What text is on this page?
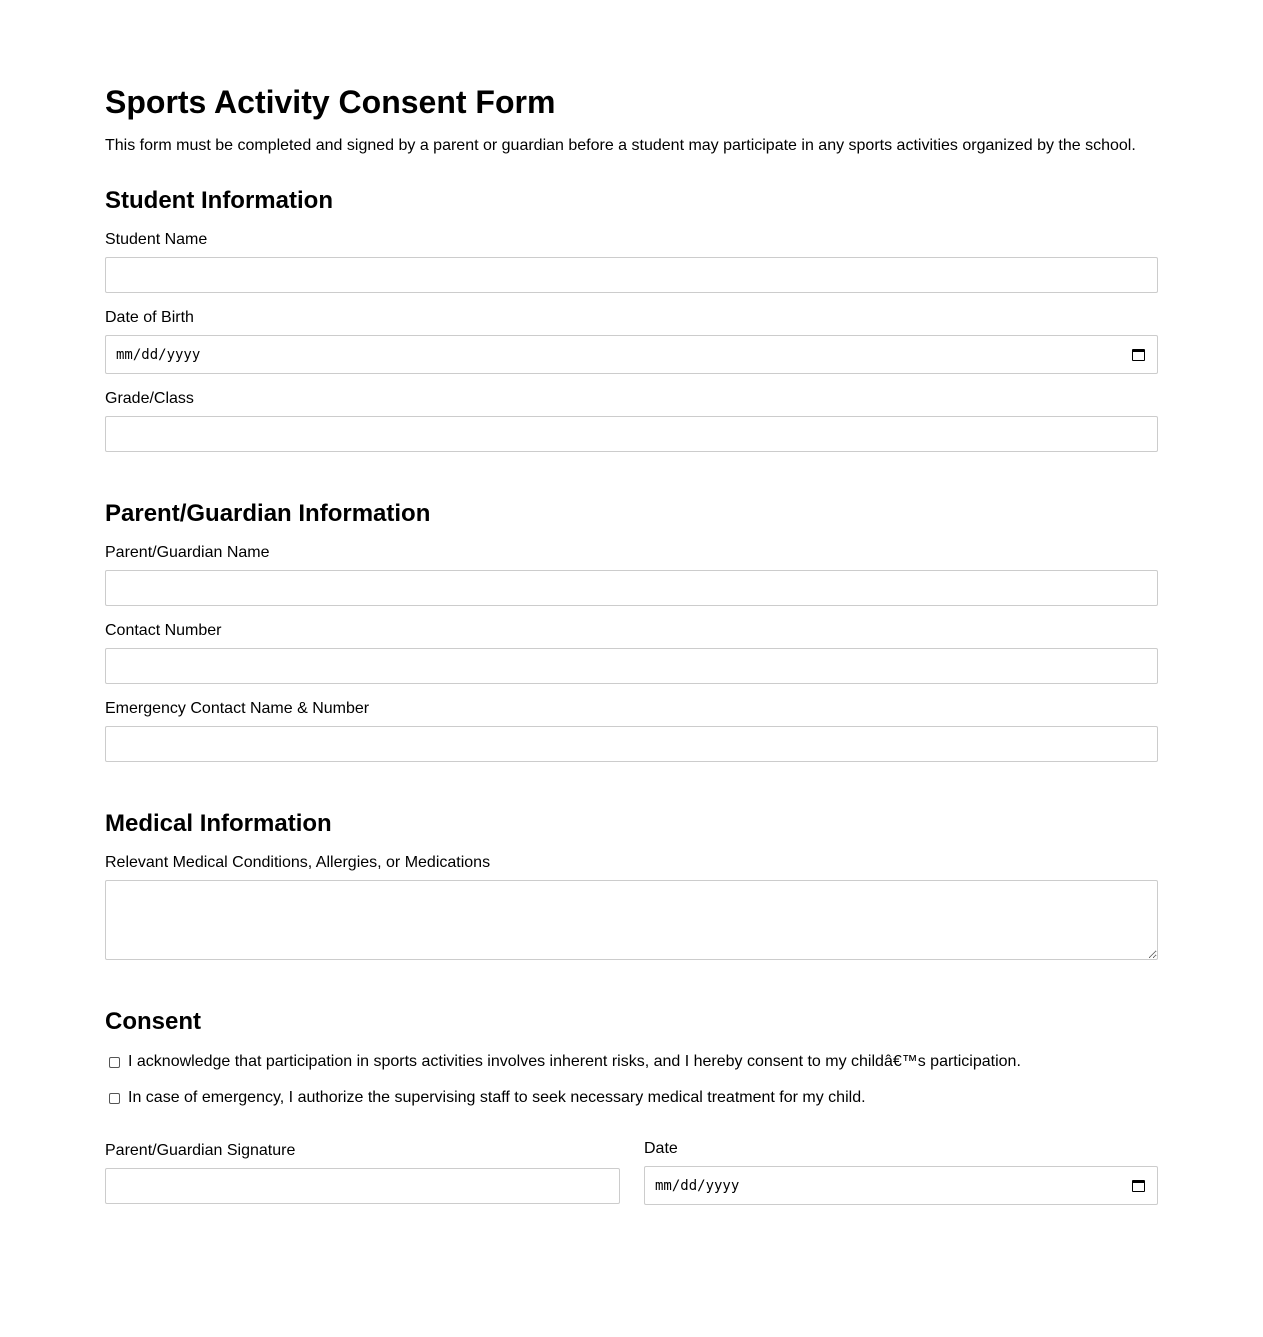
Sports Activity Consent Form
This form must be completed and signed by a parent or guardian before a student may participate in any sports activities organized by the school.
Student Information
Student Name
Date of Birth
mm/dd/yyyy
Grade/Class
Parent/Guardian Information
Parent/Guardian Name
Contact Number
Emergency Contact Name & Number
Medical Information
Relevant Medical Conditions, Allergies, or Medications
Consent
I acknowledge that participation in sports activities involves inherent risks, and I hereby consent to my childâ€™s participation.
In case of emergency, I authorize the supervising staff to seek necessary medical treatment for my child.
Parent/Guardian Signature	Date
mm/dd/yyyy
